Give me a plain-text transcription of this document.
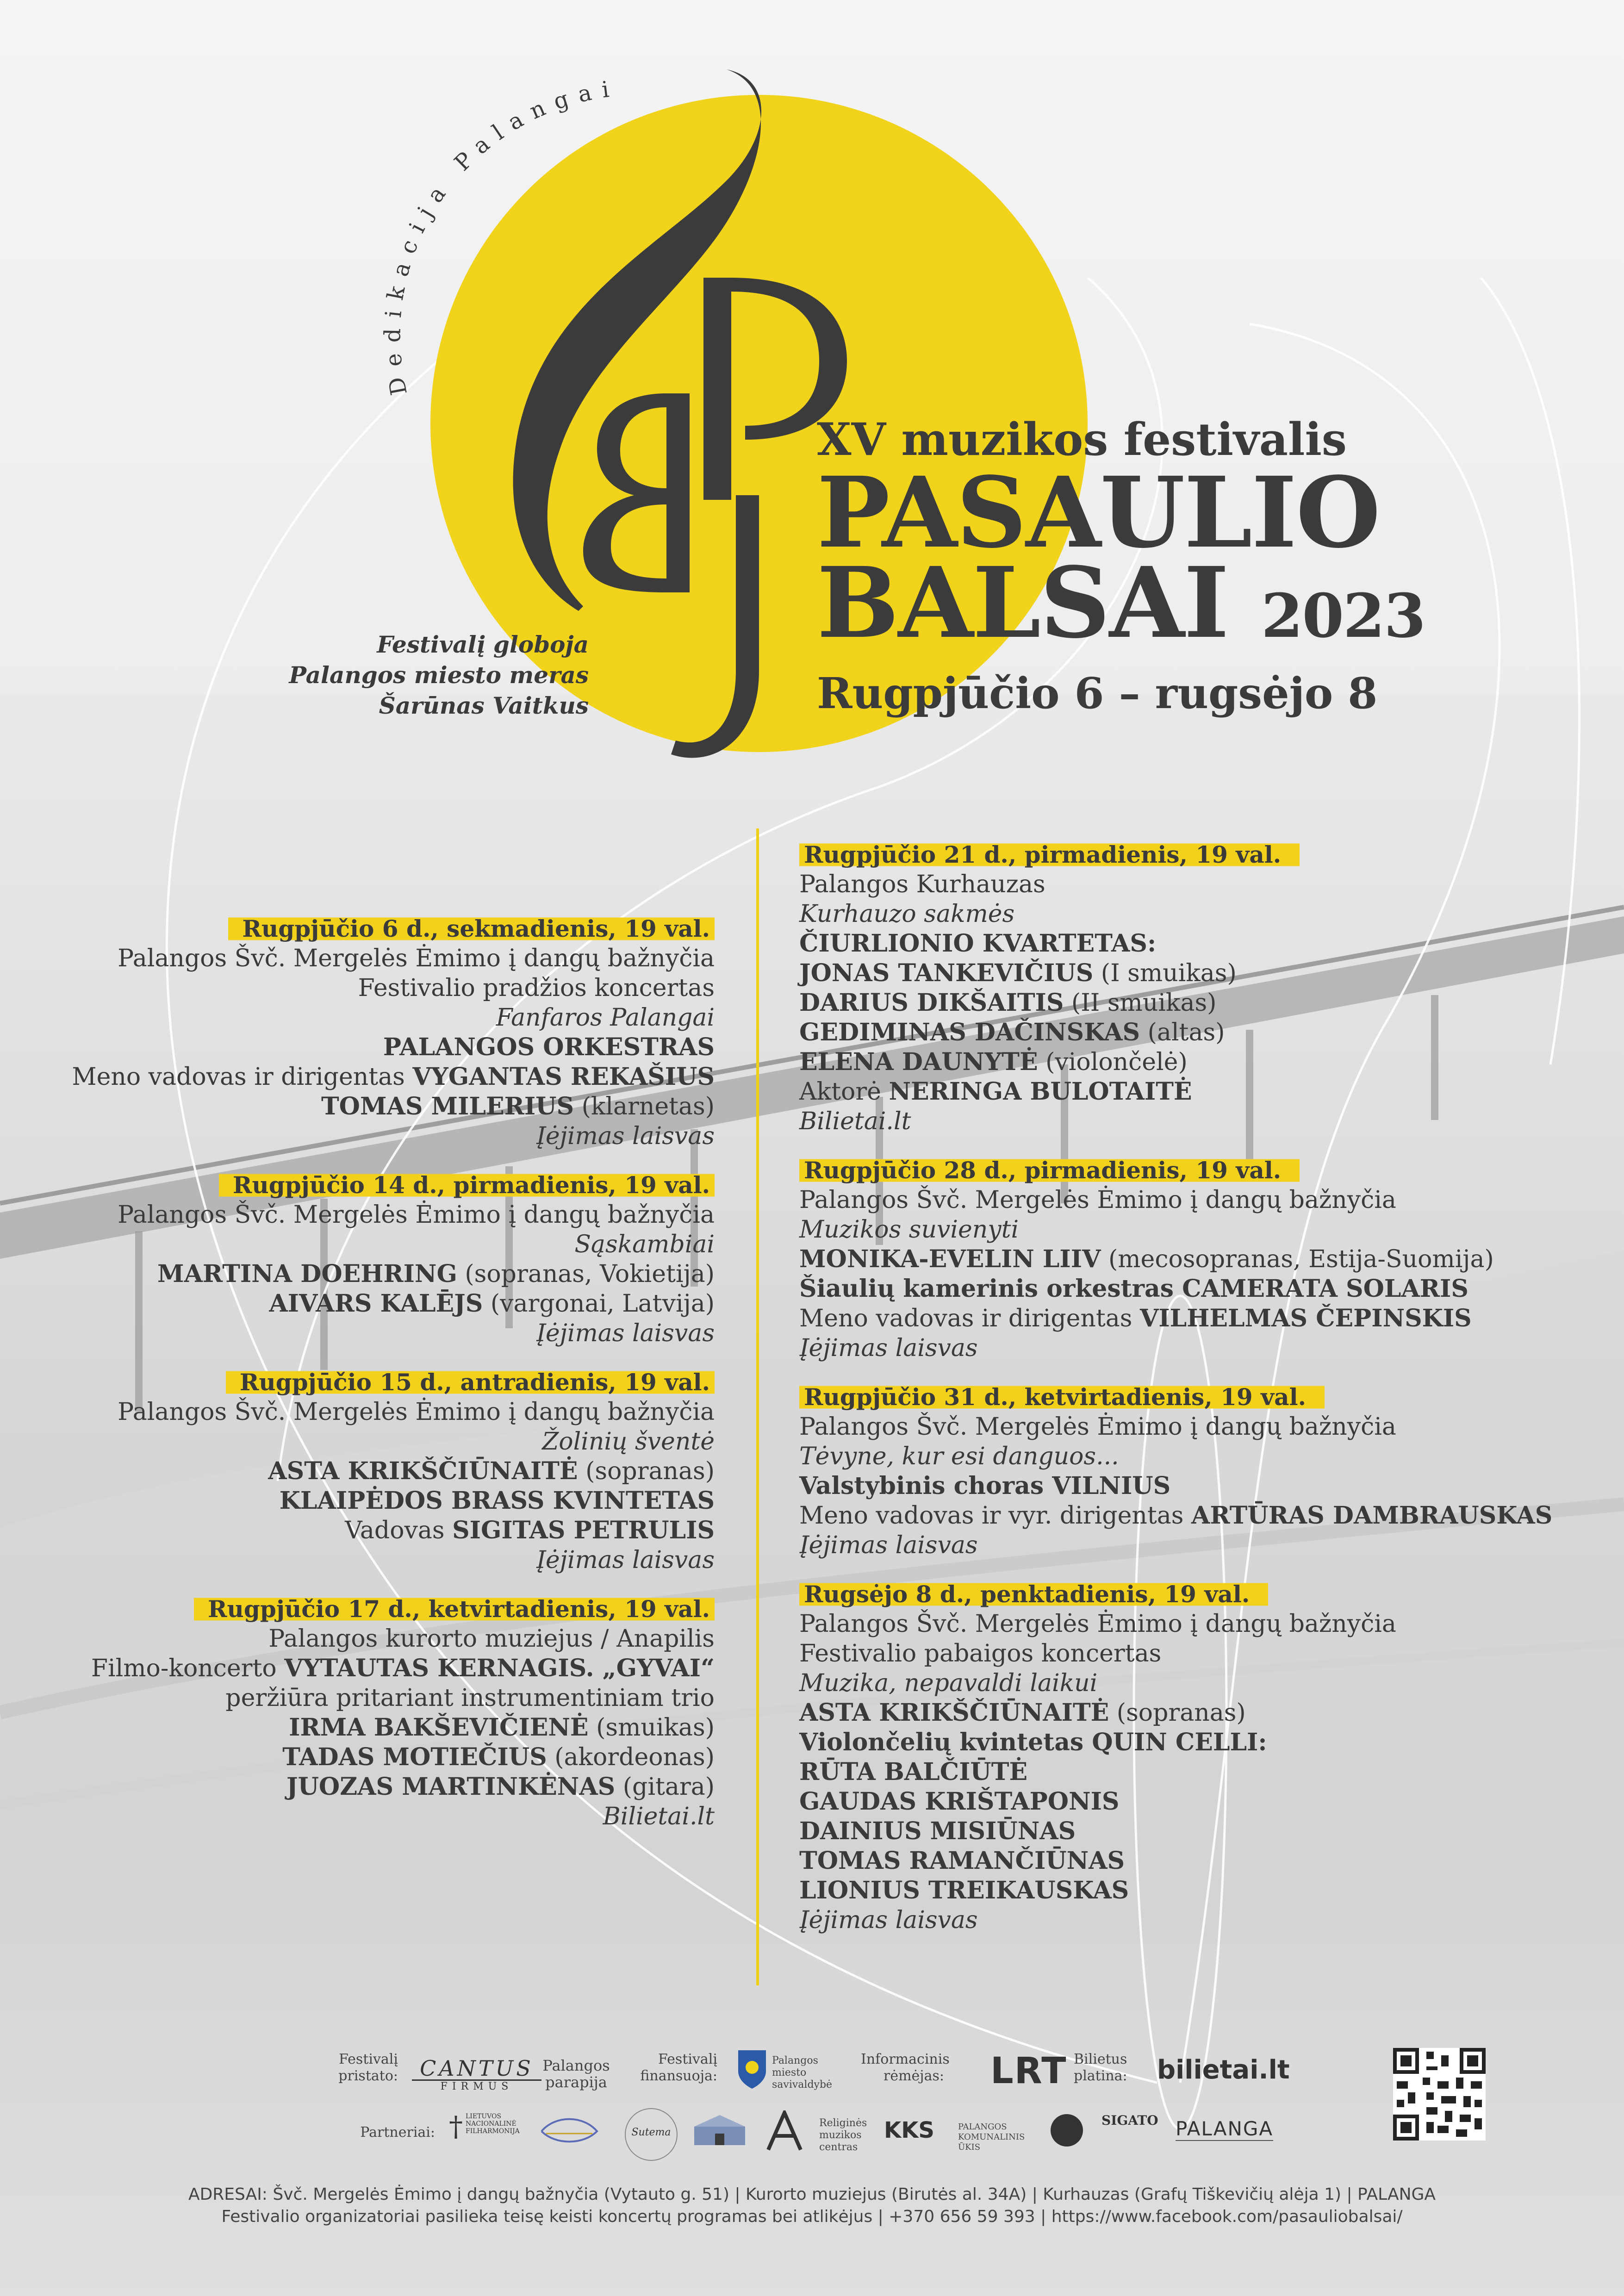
Dedikacija Palangai
XV muzikos festivalis
PASAULIO
BALSAI 2023
Rugpjūčio 6 – rugsėjo 8
Festivalį globoja
Palangos miesto meras
Šarūnas Vaitkus
Rugpjūčio 6 d., sekmadienis, 19 val.
Palangos Švč. Mergelės Ėmimo į dangų bažnyčia
Festivalio pradžios koncertas
Fanfaros Palangai
PALANGOS ORKESTRAS
Meno vadovas ir dirigentas VYGANTAS REKAŠIUS
TOMAS MILERIUS (klarnetas)
Įėjimas laisvas
Rugpjūčio 14 d., pirmadienis, 19 val.
Palangos Švč. Mergelės Ėmimo į dangų bažnyčia
Sąskambiai
MARTINA DOEHRING (sopranas, Vokietija)
AIVARS KALĒJS (vargonai, Latvija)
Įėjimas laisvas
Rugpjūčio 15 d., antradienis, 19 val.
Palangos Švč. Mergelės Ėmimo į dangų bažnyčia
Žolinių šventė
ASTA KRIKŠČIŪNAITĖ (sopranas)
KLAIPĖDOS BRASS KVINTETAS
Vadovas SIGITAS PETRULIS
Įėjimas laisvas
Rugpjūčio 17 d., ketvirtadienis, 19 val.
Palangos kurorto muziejus / Anapilis
Filmo-koncerto VYTAUTAS KERNAGIS. „GYVAI“
peržiūra pritariant instrumentiniam trio
IRMA BAKŠEVIČIENĖ (smuikas)
TADAS MOTIEČIUS (akordeonas)
JUOZAS MARTINKĖNAS (gitara)
Bilietai.lt
Rugpjūčio 21 d., pirmadienis, 19 val.
Palangos Kurhauzas
Kurhauzo sakmės
ČIURLIONIO KVARTETAS:
JONAS TANKEVIČIUS (I smuikas)
DARIUS DIKŠAITIS (II smuikas)
GEDIMINAS DAČINSKAS (altas)
ELENA DAUNYTĖ (violončelė)
Aktorė NERINGA BULOTAITĖ
Bilietai.lt
Rugpjūčio 28 d., pirmadienis, 19 val.
Palangos Švč. Mergelės Ėmimo į dangų bažnyčia
Muzikos suvienyti
MONIKA-EVELIN LIIV (mecosopranas, Estija-Suomija)
Šiaulių kamerinis orkestras CAMERATA SOLARIS
Meno vadovas ir dirigentas VILHELMAS ČEPINSKIS
Įėjimas laisvas
Rugpjūčio 31 d., ketvirtadienis, 19 val.
Palangos Švč. Mergelės Ėmimo į dangų bažnyčia
Tėvyne, kur esi danguos...
Valstybinis choras VILNIUS
Meno vadovas ir vyr. dirigentas ARTŪRAS DAMBRAUSKAS
Įėjimas laisvas
Rugsėjo 8 d., penktadienis, 19 val.
Palangos Švč. Mergelės Ėmimo į dangų bažnyčia
Festivalio pabaigos koncertas
Muzika, nepavaldi laikui
ASTA KRIKŠČIŪNAITĖ (sopranas)
Violončelių kvintetas QUIN CELLI:
RŪTA BALČIŪTĖ
GAUDAS KRIŠTAPONIS
DAINIUS MISIŪNAS
TOMAS RAMANČIŪNAS
LIONIUS TREIKAUSKAS
Įėjimas laisvas
Festivalį pristato:	CANTUS
FIRMUS
Palangos parapija
Festivalį finansuoja:
Palangos miesto savivaldybė
Informacinis rėmėjas: LRT Bilietus platina:	bilietai.lt
Partneriai: † LIETUVOS NACIONALINĖ FILHARMONIJA	Sutema
Religinės muzikos centras
KKS	PALANGOS KOMUNALINIS ŪKIS
SIGATO PALANGA
ADRESAI: Švč. Mergelės Ėmimo į dangų bažnyčia (Vytauto g. 51) | Kurorto muziejus (Birutės al. 34A) | Kurhauzas (Grafų Tiškevičių alėja 1) | PALANGA
Festivalio organizatoriai pasilieka teisę keisti koncertų programas bei atlikėjus | +370 656 59 393 | https://www.facebook.com/pasauliobalsai/
